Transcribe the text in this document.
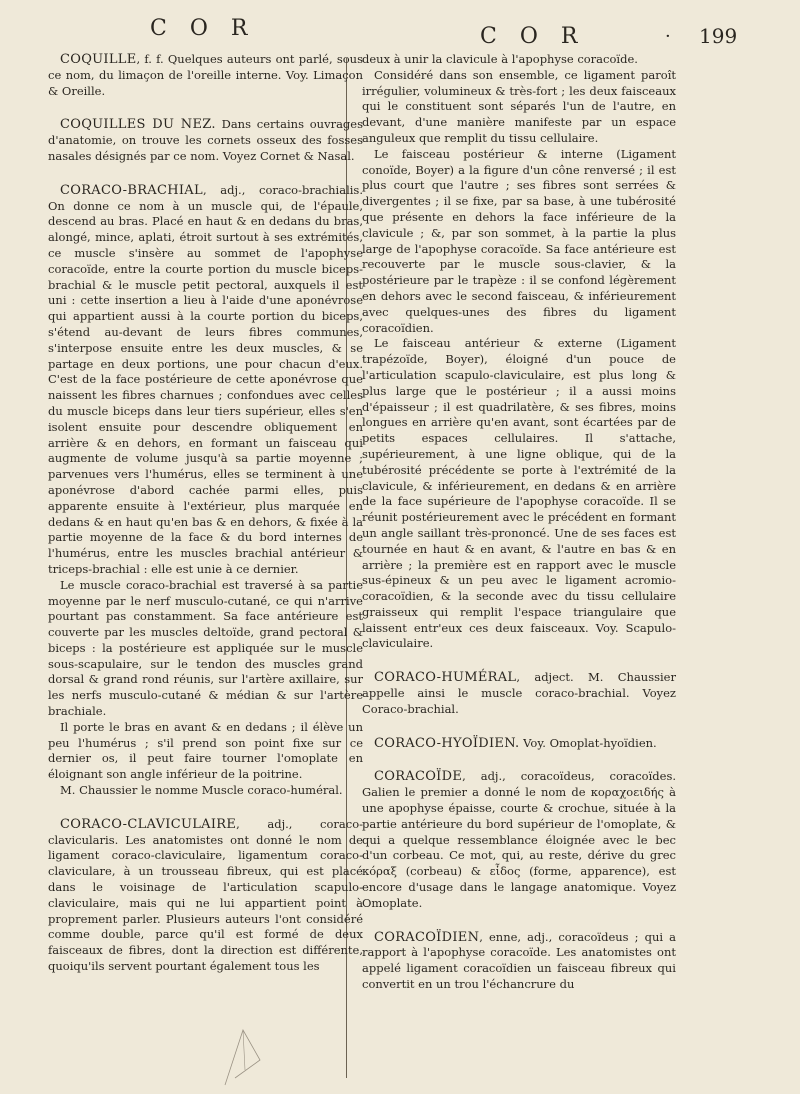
C O R	C O R	· 199
COQUILLE, f. f. Quelques auteurs ont parlé, sous ce nom, du limaçon de l'oreille interne. Voy. Limaçon & Oreille.
COQUILLES DU NEZ. Dans certains ouvrages d'anatomie, on trouve les cornets osseux des fosses nasales désignés par ce nom. Voyez Cornet & Nasal.

CORACO-BRACHIAL, adj., coraco-brachialis. On donne ce nom à un muscle qui, de l'épaule, descend au bras. Placé en haut & en dedans du bras, alongé, mince, aplati, étroit surtout à ses extrémités, ce muscle s'insère au sommet de l'apophyse coracoïde, entre la courte portion du muscle biceps-brachial & le muscle petit pectoral, auxquels il est uni : cette insertion a lieu à l'aide d'une aponévrose qui appartient aussi à la courte portion du biceps, s'étend au-devant de leurs fibres communes, s'interpose ensuite entre les deux muscles, & se partage en deux portions, une pour chacun d'eux. C'est de la face postérieure de cette aponévrose que naissent les fibres charnues ; confondues avec celles du muscle biceps dans leur tiers supérieur, elles s'en isolent ensuite pour descendre obliquement en arrière & en dehors, en formant un faisceau qui augmente de volume jusqu'à sa partie moyenne ; parvenues vers l'humérus, elles se terminent à une aponévrose d'abord cachée parmi elles, puis apparente ensuite à l'extérieur, plus marquée en dedans & en haut qu'en bas & en dehors, & fixée à la partie moyenne de la face & du bord internes de l'humérus, entre les muscles brachial antérieur & triceps-brachial : elle est unie à ce dernier.

Le muscle coraco-brachial est traversé à sa partie moyenne par le nerf musculo-cutané, ce qui n'arrive pourtant pas constamment. Sa face antérieure est couverte par les muscles deltoïde, grand pectoral & biceps : la postérieure est appliquée sur le muscle sous-scapulaire, sur le tendon des muscles grand dorsal & grand rond réunis, sur l'artère axillaire, sur les nerfs musculo-cutané & médian & sur l'artère brachiale.

Il porte le bras en avant & en dedans ; il élève un peu l'humérus ; s'il prend son point fixe sur ce dernier os, il peut faire tourner l'omoplate en éloignant son angle inférieur de la poitrine.

M. Chaussier le nomme Muscle coraco-huméral.

CORACO-CLAVICULAIRE, adj., coraco-clavicularis. Les anatomistes ont donné le nom de ligament coraco-claviculaire, ligamentum coraco-claviculare, à un trousseau fibreux, qui est placé dans le voisinage de l'articulation scapulo-claviculaire, mais qui ne lui appartient point à proprement parler. Plusieurs auteurs l'ont considéré comme double, parce qu'il est formé de deux faisceaux de fibres, dont la direction est différente, quoiqu'ils servent pourtant également tous les

deux à unir la clavicule à l'apophyse coracoïde.

Considéré dans son ensemble, ce ligament paroît irrégulier, volumineux & très-fort ; les deux faisceaux qui le constituent sont séparés l'un de l'autre, en devant, d'une manière manifeste par un espace anguleux que remplit du tissu cellulaire.

Le faisceau postérieur & interne (Ligament conoïde, Boyer) a la figure d'un cône renversé ; il est plus court que l'autre ; ses fibres sont serrées & divergentes ; il se fixe, par sa base, à une tubérosité que présente en dehors la face inférieure de la clavicule ; &, par son sommet, à la partie la plus large de l'apophyse coracoïde. Sa face antérieure est recouverte par le muscle sous-clavier, & la postérieure par le trapèze : il se confond légèrement en dehors avec le second faisceau, & inférieurement avec quelques-unes des fibres du ligament coracoïdien.

Le faisceau antérieur & externe (Ligament trapézoïde, Boyer), éloigné d'un pouce de l'articulation scapulo-claviculaire, est plus long & plus large que le postérieur ; il a aussi moins d'épaisseur ; il est quadrilatère, & ses fibres, moins longues en arrière qu'en avant, sont écartées par de petits espaces cellulaires. Il s'attache, supérieurement, à une ligne oblique, qui de la tubérosité précédente se porte à l'extrémité de la clavicule, & inférieurement, en dedans & en arrière de la face supérieure de l'apophyse coracoïde. Il se réunit postérieurement avec le précédent en formant un angle saillant très-prononcé. Une de ses faces est tournée en haut & en avant, & l'autre en bas & en arrière ; la première est en rapport avec le muscle sus-épineux & un peu avec le ligament acromio-coracoïdien, & la seconde avec du tissu cellulaire graisseux qui remplit l'espace triangulaire que laissent entr'eux ces deux faisceaux. Voy. Scapulo-claviculaire.

CORACO-HUMÉRAL, adject. M. Chaussier appelle ainsi le muscle coraco-brachial. Voyez Coraco-brachial.
CORACO-HYOÏDIEN. Voy. Omoplat-hyoïdien.
CORACOÏDE, adj., coracoïdeus, coracoïdes. Galien le premier a donné le nom de κοραχοειδής à une apophyse épaisse, courte & crochue, située à la partie antérieure du bord supérieur de l'omoplate, & qui a quelque ressemblance éloignée avec le bec d'un corbeau. Ce mot, qui, au reste, dérive du grec κόραξ (corbeau) & εἶδος (forme, apparence), est encore d'usage dans le langage anatomique. Voyez Omoplate.
CORACOÏDIEN, enne, adj., coracoïdeus ; qui a rapport à l'apophyse coracoïde. Les anatomistes ont appelé ligament coracoïdien un faisceau fibreux qui convertit en un trou l'échancrure du
